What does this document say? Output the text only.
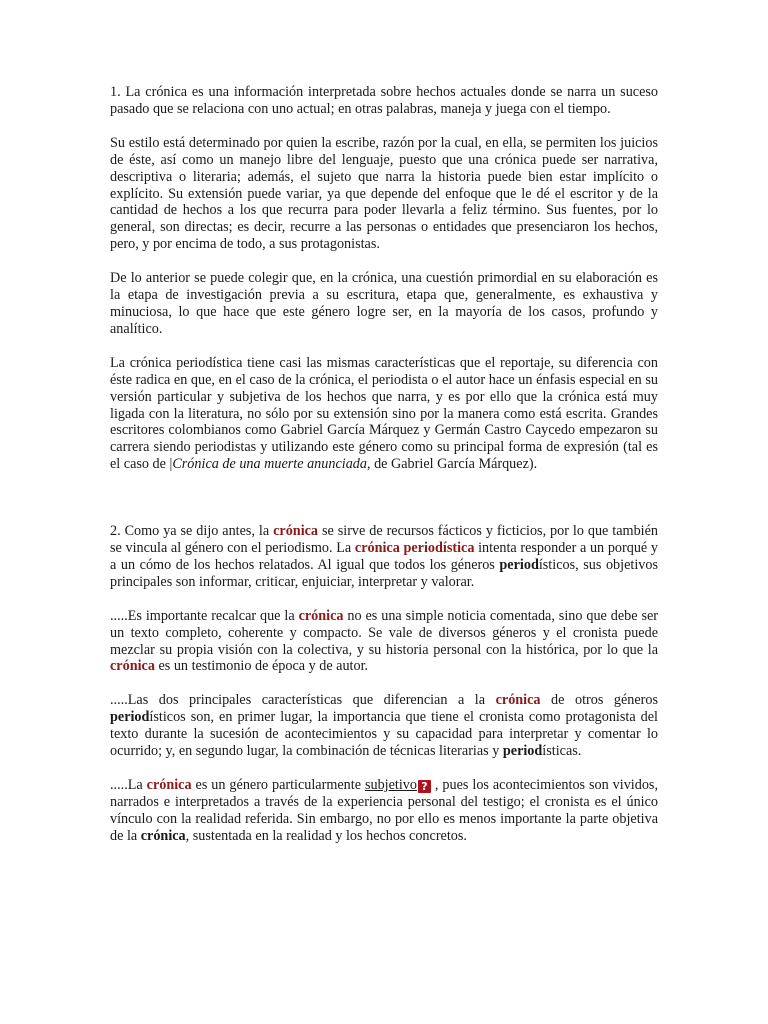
1. La crónica es una información interpretada sobre hechos actuales donde se narra un suceso pasado que se relaciona con uno actual; en otras palabras, maneja y juega con el tiempo.

Su estilo está determinado por quien la escribe, razón por la cual, en ella, se permiten los juicios de éste, así como un manejo libre del lenguaje, puesto que una crónica puede ser narrativa, descriptiva o literaria; además, el sujeto que narra la historia puede bien estar implícito o explícito. Su extensión puede variar, ya que depende del enfoque que le dé el escritor y de la cantidad de hechos a los que recurra para poder llevarla a feliz término. Sus fuentes, por lo general, son directas; es decir, recurre a las personas o entidades que presenciaron los hechos, pero, y por encima de todo, a sus protagonistas.

De lo anterior se puede colegir que, en la crónica, una cuestión primordial en su elaboración es la etapa de investigación previa a su escritura, etapa que, generalmente, es exhaustiva y minuciosa, lo que hace que este género logre ser, en la mayoría de los casos, profundo y analítico.

La crónica periodística tiene casi las mismas características que el reportaje, su diferencia con éste radica en que, en el caso de la crónica, el periodista o el autor hace un énfasis especial en su versión particular y subjetiva de los hechos que narra, y es por ello que la crónica está muy ligada con la literatura, no sólo por su extensión sino por la manera como está escrita. Grandes escritores colombianos como Gabriel García Márquez y Germán Castro Caycedo empezaron su carrera siendo periodistas y utilizando este género como su principal forma de expresión (tal es el caso de |Crónica de una muerte anunciada, de Gabriel García Márquez).

2. Como ya se dijo antes, la crónica se sirve de recursos fácticos y ficticios, por lo que también se vincula al género con el periodismo. La crónica periodística intenta responder a un porqué y a un cómo de los hechos relatados. Al igual que todos los géneros periodísticos, sus objetivos principales son informar, criticar, enjuiciar, interpretar y valorar.

.....Es importante recalcar que la crónica no es una simple noticia comentada, sino que debe ser un texto completo, coherente y compacto. Se vale de diversos géneros y el cronista puede mezclar su propia visión con la colectiva, y su historia personal con la histórica, por lo que la crónica es un testimonio de época y de autor.

.....Las dos principales características que diferencian a la crónica de otros géneros periodísticos son, en primer lugar, la importancia que tiene el cronista como protagonista del texto durante la sucesión de acontecimientos y su capacidad para interpretar y comentar lo ocurrido; y, en segundo lugar, la combinación de técnicas literarias y periodísticas.

.....La crónica es un género particularmente subjetivo ? , pues los acontecimientos son vividos, narrados e interpretados a través de la experiencia personal del testigo; el cronista es el único vínculo con la realidad referida. Sin embargo, no por ello es menos importante la parte objetiva de la crónica, sustentada en la realidad y los hechos concretos.
